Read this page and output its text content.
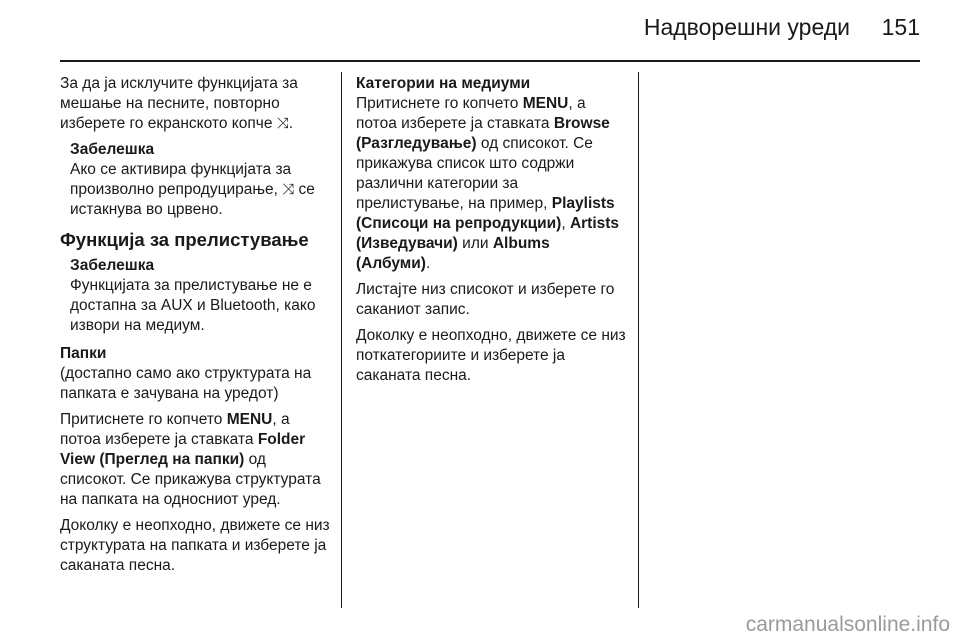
Надворешни уреди	151

За да ја исклучите функцијата за мешање на песните, повторно изберете го екранското копче ⤨.

Забелешка
Ако се активира функцијата за произволно репродуцирање, ⤨ се истакнува во црвено.
Функција за прелистување
Забелешка
Функцијата за прелистување не е достапна за AUX и Bluetooth, како извори на медиум.

Папки
(достапно само ако структурата на папката е зачувана на уредот)

Притиснете го копчето MENU, а потоа изберете ја ставката Folder View (Преглед на папки) од списокот. Се прикажува структурата на папката на односниот уред.

Доколку е неопходно, движете се низ структурата на папката и изберете ја саканата песна.

Категории на медиуми
Притиснете го копчето MENU, а потоа изберете ја ставката Browse (Разгледување) од списокот. Се прикажува список што содржи различни категории за прелистување, на пример, Playlists (Списоци на репродукции), Artists (Изведувачи) или Albums (Албуми).

Листајте низ списокот и изберете го саканиот запис.

Доколку е неопходно, движете се низ поткатегориите и изберете ја саканата песна.

carmanualsonline.info
